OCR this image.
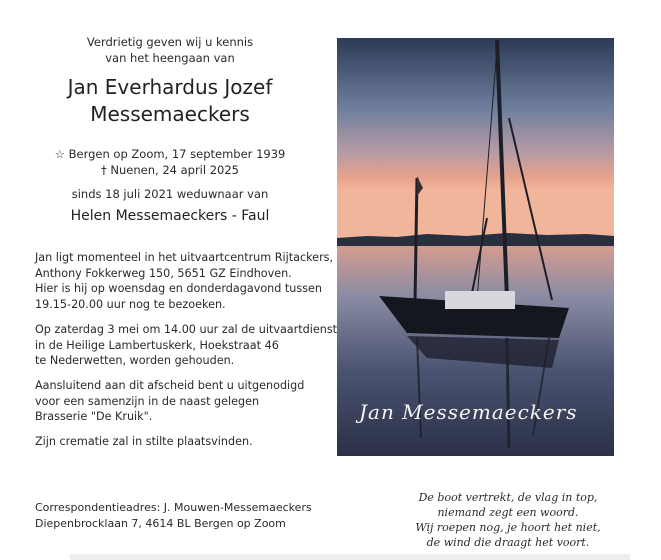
Verdrietig geven wij u kennis
van het heengaan van
Jan Everhardus Jozef
Messemaeckers
☆ Bergen op Zoom, 17 september 1939
† Nuenen, 24 april 2025
sinds 18 juli 2021 weduwnaar van
Helen Messemaeckers - Faul
Jan ligt momenteel in het uitvaartcentrum Rijtackers,
Anthony Fokkerweg 150, 5651 GZ Eindhoven.
Hier is hij op woensdag en donderdagavond tussen
19.15-20.00 uur nog te bezoeken.
Op zaterdag 3 mei om 14.00 uur zal de uitvaartdienst
in de Heilige Lambertuskerk, Hoekstraat 46
te Nederwetten, worden gehouden.
Aansluitend aan dit afscheid bent u uitgenodigd
voor een samenzijn in de naast gelegen
Brasserie "De Kruik".
Zijn crematie zal in stilte plaatsvinden.
Correspondentieadres: J. Mouwen-Messemaeckers
Diepenbrocklaan 7, 4614 BL Bergen op Zoom
De boot vertrekt, de vlag in top,
niemand zegt een woord.
Wij roepen nog, je hoort het niet,
de wind die draagt het voort.
Jan Messemaeckers
